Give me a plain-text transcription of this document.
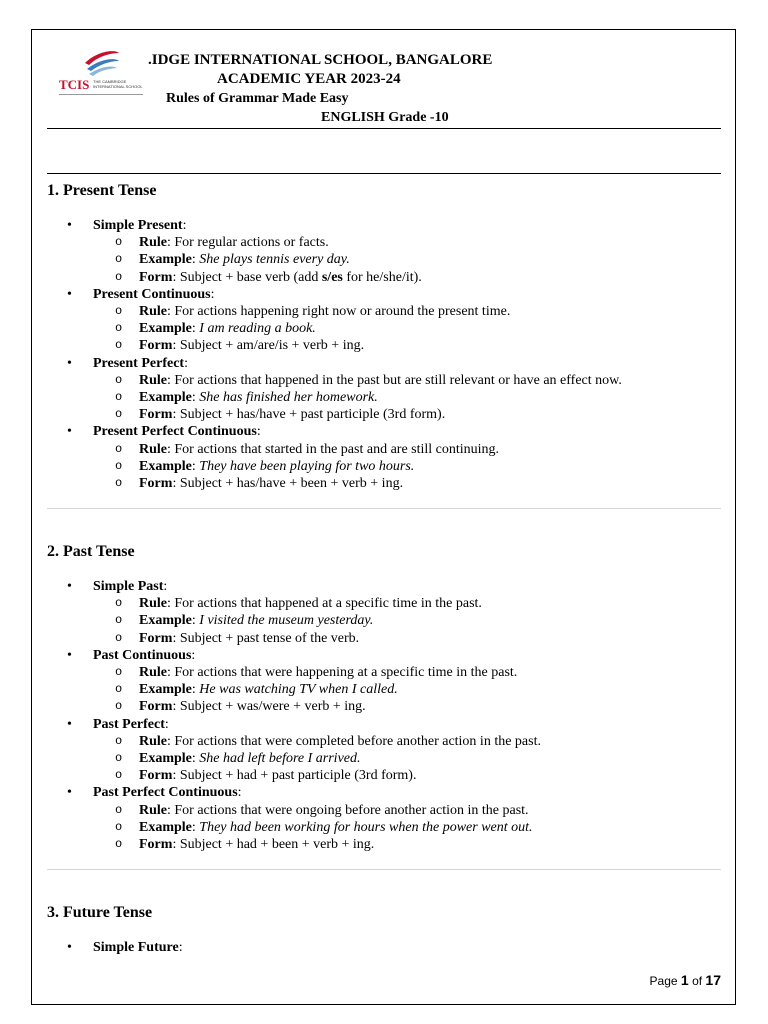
TCIS THE CAMBRIDGE
INTERNATIONAL SCHOOL
.IDGE INTERNATIONAL SCHOOL, BANGALORE
ACADEMIC YEAR 2023-24
Rules of Grammar Made Easy
ENGLISH Grade -10
1. Present Tense
• Simple Present:
o Rule: For regular actions or facts.
o Example: She plays tennis every day.
o Form: Subject + base verb (add s/es for he/she/it).
• Present Continuous:
o Rule: For actions happening right now or around the present time.
o Example: I am reading a book.
o Form: Subject + am/are/is + verb + ing.
• Present Perfect:
o Rule: For actions that happened in the past but are still relevant or have an effect now.
o Example: She has finished her homework.
o Form: Subject + has/have + past participle (3rd form).
• Present Perfect Continuous:
o Rule: For actions that started in the past and are still continuing.
o Example: They have been playing for two hours.
o Form: Subject + has/have + been + verb + ing.
2. Past Tense
• Simple Past:
o Rule: For actions that happened at a specific time in the past.
o Example: I visited the museum yesterday.
o Form: Subject + past tense of the verb.
• Past Continuous:
o Rule: For actions that were happening at a specific time in the past.
o Example: He was watching TV when I called.
o Form: Subject + was/were + verb + ing.
• Past Perfect:
o Rule: For actions that were completed before another action in the past.
o Example: She had left before I arrived.
o Form: Subject + had + past participle (3rd form).
• Past Perfect Continuous:
o Rule: For actions that were ongoing before another action in the past.
o Example: They had been working for hours when the power went out.
o Form: Subject + had + been + verb + ing.
3. Future Tense
• Simple Future:
Page 1 of 17
